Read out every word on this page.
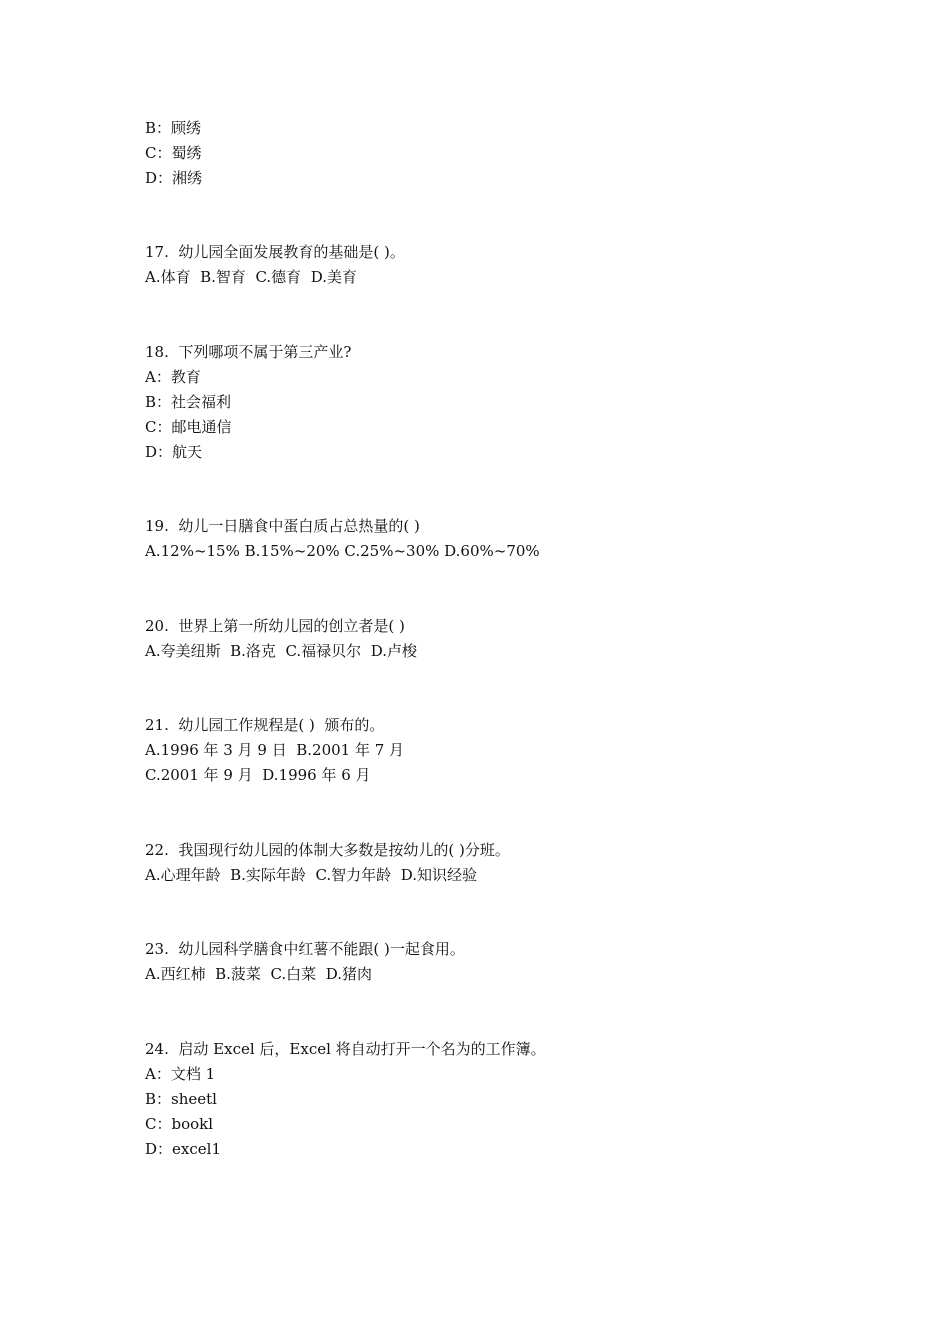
B：顾绣
C：蜀绣
D：湘绣
17.  幼儿园全面发展教育的基础是( )。
A.体育  B.智育  C.德育  D.美育
18.  下列哪项不属于第三产业?
A：教育
B：社会福利
C：邮电通信
D：航天
19.  幼儿一日膳食中蛋白质占总热量的( )
A.12%~15% B.15%~20% C.25%~30% D.60%~70%
20.  世界上第一所幼儿园的创立者是( )
A.夸美纽斯  B.洛克  C.福禄贝尔  D.卢梭
21.  幼儿园工作规程是( )  颁布的。
A.1996 年 3 月 9 日  B.2001 年 7 月
C.2001 年 9 月  D.1996 年 6 月
22.  我国现行幼儿园的体制大多数是按幼儿的( )分班。
A.心理年龄  B.实际年龄  C.智力年龄  D.知识经验
23.  幼儿园科学膳食中红薯不能跟( )一起食用。
A.西红柿  B.菠菜  C.白菜  D.猪肉
24.  启动 Excel 后，Excel 将自动打开一个名为的工作簿。
A：文档 1
B：sheetl
C：bookl
D：excel1
